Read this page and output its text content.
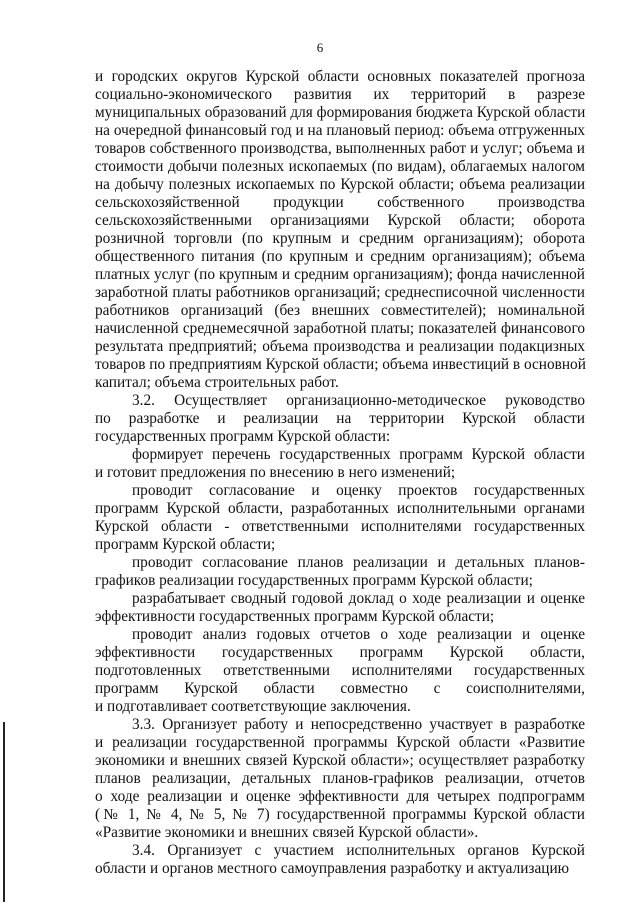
6
и городских округов Курской области основных показателей прогноза
социально-экономического развития их территорий в разрезе
муниципальных образований для формирования бюджета Курской области
на очередной финансовый год и на плановый период: объема отгруженных
товаров собственного производства, выполненных работ и услуг; объема и
стоимости добычи полезных ископаемых (по видам), облагаемых налогом
на добычу полезных ископаемых по Курской области; объема реализации
сельскохозяйственной продукции собственного производства
сельскохозяйственными организациями Курской области; оборота
розничной торговли (по крупным и средним организациям); оборота
общественного питания (по крупным и средним организациям); объема
платных услуг (по крупным и средним организациям); фонда начисленной
заработной платы работников организаций; среднесписочной численности
работников организаций (без внешних совместителей); номинальной
начисленной среднемесячной заработной платы; показателей финансового
результата предприятий; объема производства и реализации подакцизных
товаров по предприятиям Курской области; объема инвестиций в основной
капитал; объема строительных работ.
3.2. Осуществляет организационно-методическое руководство
по разработке и реализации на территории Курской области
государственных программ Курской области:
формирует перечень государственных программ Курской области
и готовит предложения по внесению в него изменений;
проводит согласование и оценку проектов государственных
программ Курской области, разработанных исполнительными органами
Курской области - ответственными исполнителями государственных
программ Курской области;
проводит согласование планов реализации и детальных планов-
графиков реализации государственных программ Курской области;
разрабатывает сводный годовой доклад о ходе реализации и оценке
эффективности государственных программ Курской области;
проводит анализ годовых отчетов о ходе реализации и оценке
эффективности государственных программ Курской области,
подготовленных ответственными исполнителями государственных
программ Курской области совместно с соисполнителями,
и подготавливает соответствующие заключения.
3.3. Организует работу и непосредственно участвует в разработке
и реализации государственной программы Курской области «Развитие
экономики и внешних связей Курской области»; осуществляет разработку
планов реализации, детальных планов-графиков реализации, отчетов
о ходе реализации и оценке эффективности для четырех подпрограмм
(№ 1, № 4, № 5, № 7) государственной программы Курской области
«Развитие экономики и внешних связей Курской области».
3.4. Организует с участием исполнительных органов Курской
области и органов местного самоуправления разработку и актуализацию
